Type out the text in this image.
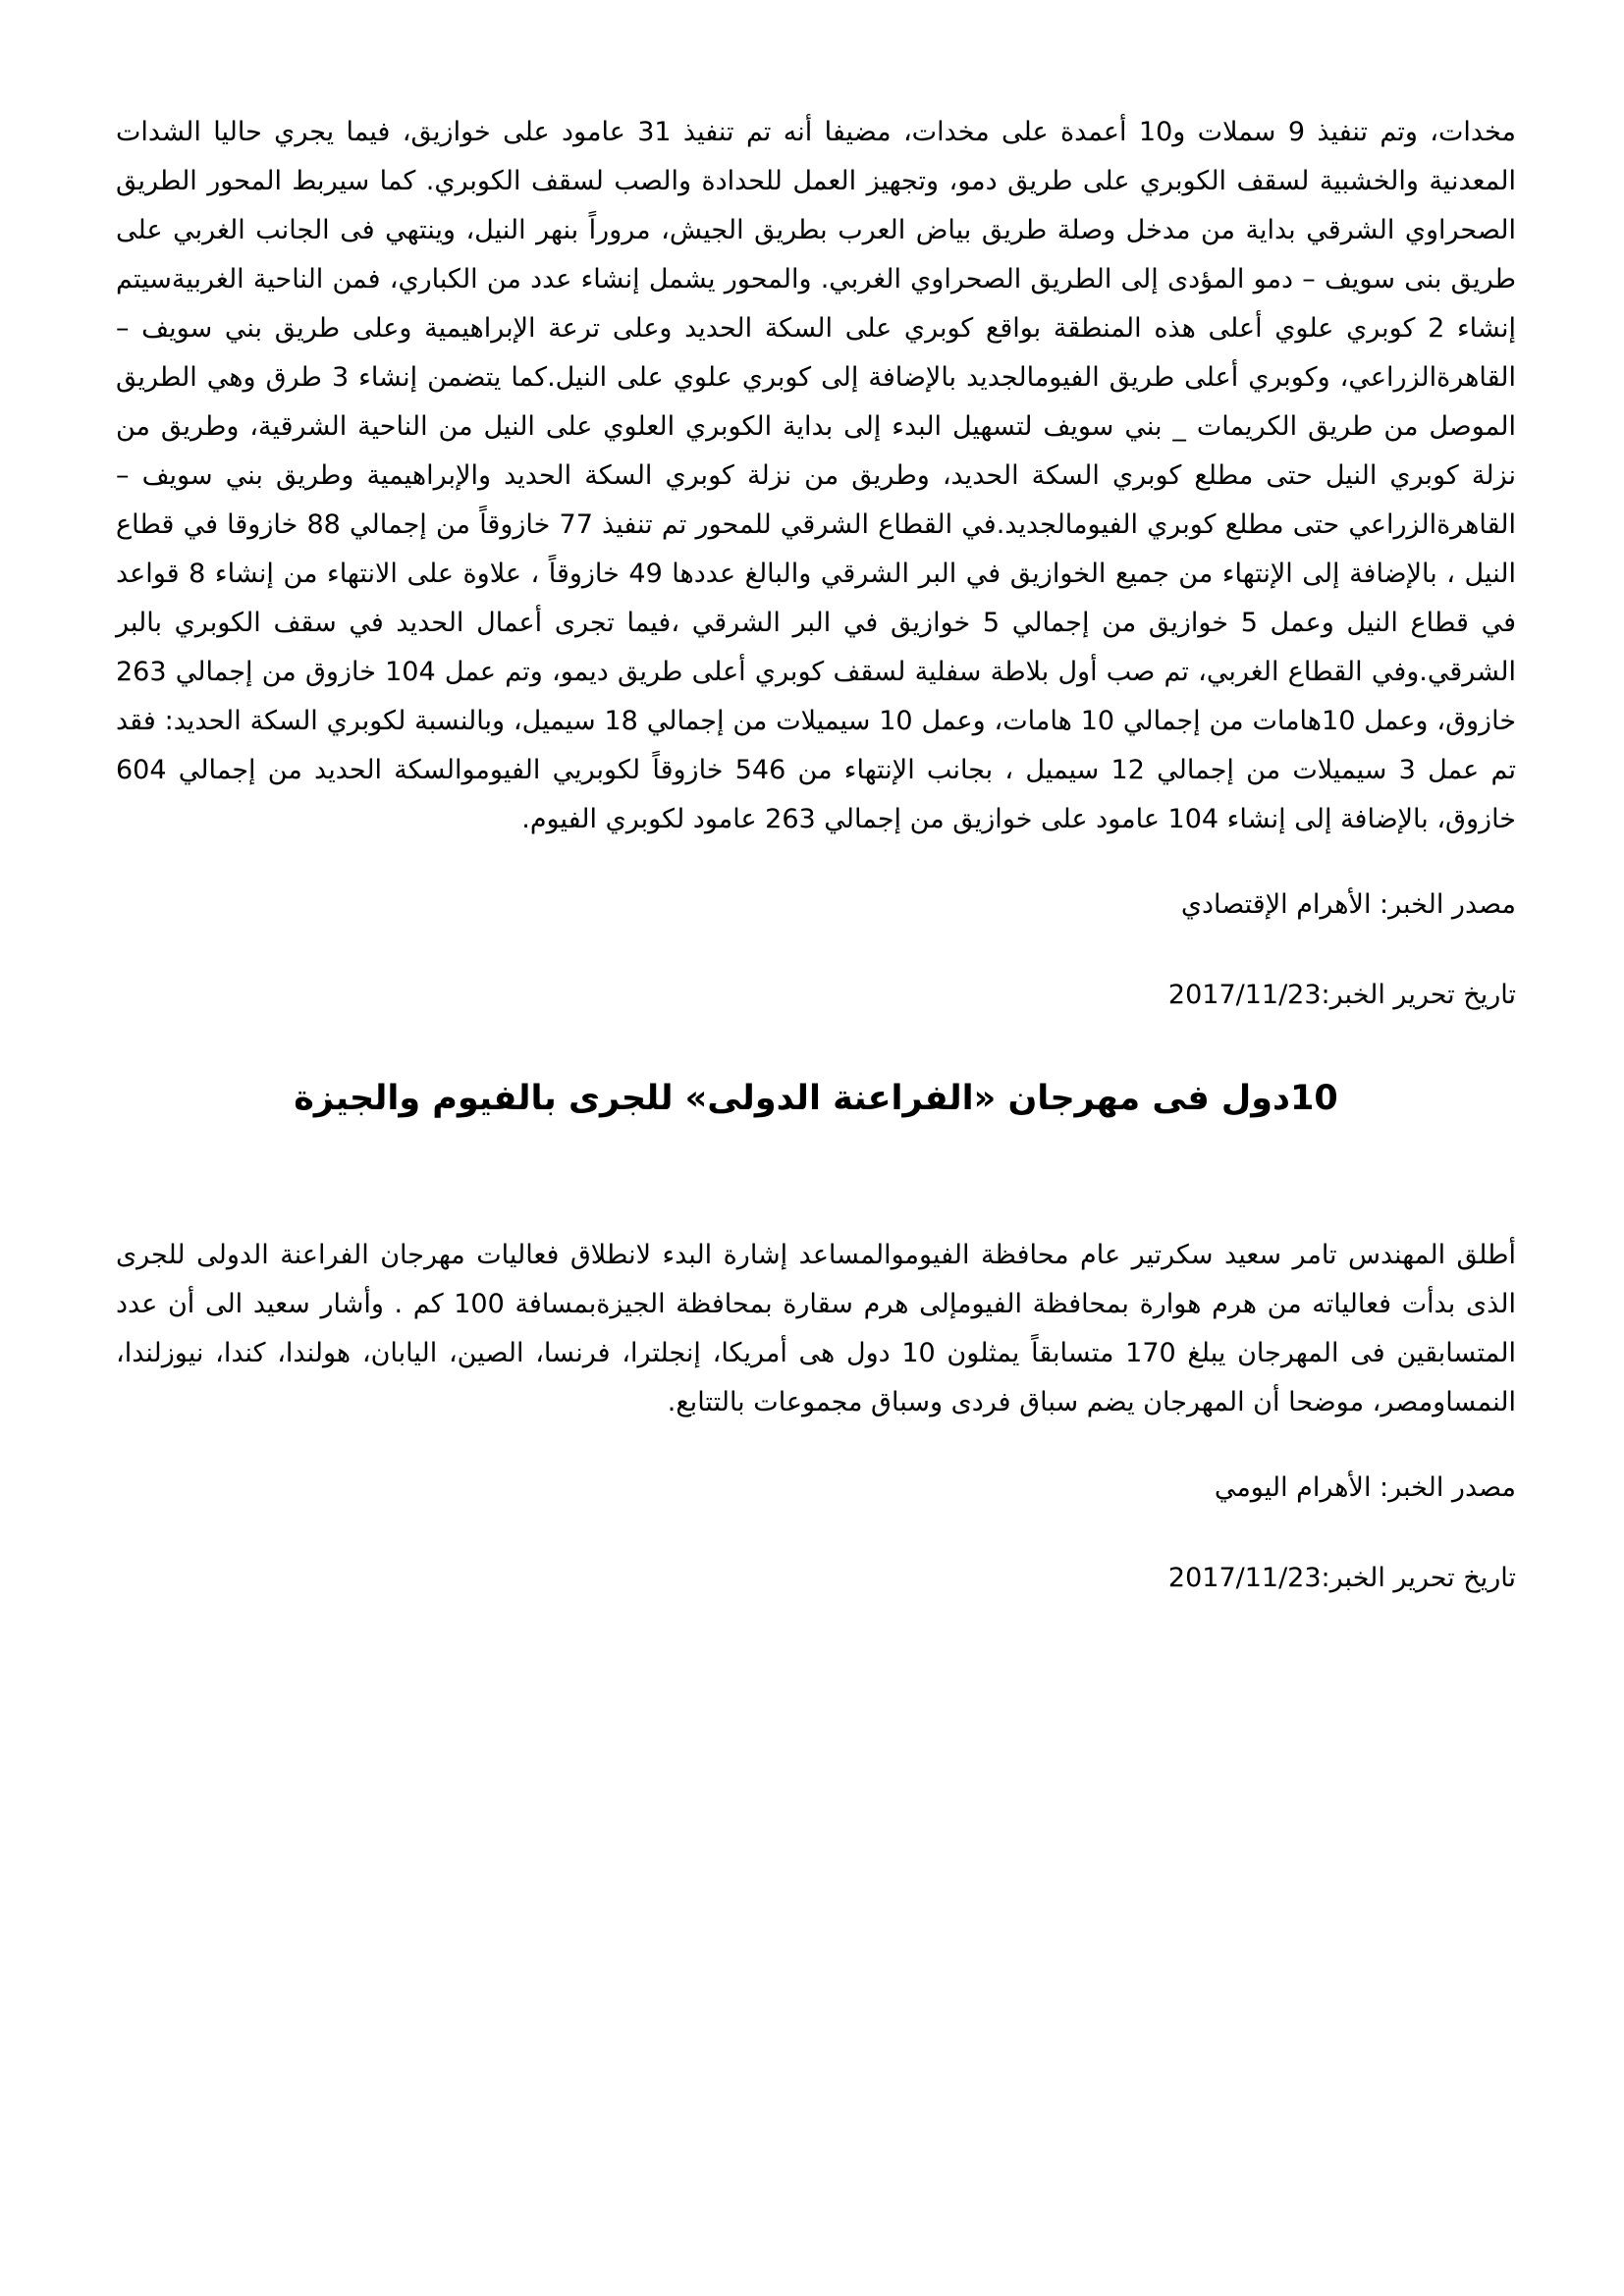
مخدات، وتم تنفيذ 9 سملات و10 أعمدة على مخدات، مضيفا أنه تم تنفيذ 31 عامود على خوازيق، فيما يجري حاليا الشدات المعدنية والخشبية لسقف الكوبري على طريق دمو، وتجهيز العمل للحدادة والصب لسقف الكوبري. كما سيربط المحور الطريق الصحراوي الشرقي بداية من مدخل وصلة طريق بياض العرب بطريق الجيش، مروراً بنهر النيل، وينتهي فى الجانب الغربي على طريق بنى سويف – دمو المؤدى إلى الطريق الصحراوي الغربي. والمحور يشمل إنشاء عدد من الكباري، فمن الناحية الغربيةسيتم إنشاء 2 كوبري علوي أعلى هذه المنطقة بواقع كوبري على السكة الحديد وعلى ترعة الإبراهيمية وعلى طريق بني سويف – القاهرةالزراعي، وكوبري أعلى طريق الفيومالجديد بالإضافة إلى كوبري علوي على النيل.كما يتضمن إنشاء 3 طرق وهي الطريق الموصل من طريق الكريمات _ بني سويف لتسهيل البدء إلى بداية الكوبري العلوي على النيل من الناحية الشرقية، وطريق من نزلة كوبري النيل حتى مطلع كوبري السكة الحديد، وطريق من نزلة كوبري السكة الحديد والإبراهيمية وطريق بني سويف – القاهرةالزراعي حتى مطلع كوبري الفيومالجديد.في القطاع الشرقي للمحور تم تنفيذ 77 خازوقاً من إجمالي 88 خازوقا في قطاع النيل ، بالإضافة إلى الإنتهاء من جميع الخوازيق في البر الشرقي والبالغ عددها 49 خازوقاً ، علاوة على الانتهاء من إنشاء 8 قواعد في قطاع النيل وعمل 5 خوازيق من إجمالي 5 خوازيق في البر الشرقي ،فيما تجرى أعمال الحديد في سقف الكوبري بالبر الشرقي.وفي القطاع الغربي، تم صب أول بلاطة سفلية لسقف كوبري أعلى طريق ديمو، وتم عمل 104 خازوق من إجمالي 263 خازوق، وعمل 10هامات من إجمالي 10 هامات، وعمل 10 سيميلات من إجمالي 18 سيميل، وبالنسبة لكوبري السكة الحديد: فقد تم عمل 3 سيميلات من إجمالي 12 سيميل ، بجانب الإنتهاء من 546 خازوقاً لكوبريي الفيوموالسكة الحديد من إجمالي 604 خازوق، بالإضافة إلى إنشاء 104 عامود على خوازيق من إجمالي 263 عامود لكوبري الفيوم.

مصدر الخبر: الأهرام الإقتصادي

تاريخ تحرير الخبر:2017/11/23

10دول فى مهرجان «الفراعنة الدولى» للجرى بالفيوم والجيزة

أطلق المهندس تامر سعيد سكرتير عام محافظة الفيوموالمساعد إشارة البدء لانطلاق فعاليات مهرجان الفراعنة الدولى للجرى الذى بدأت فعالياته من هرم هوارة بمحافظة الفيومإلى هرم سقارة بمحافظة الجيزةبمسافة 100 كم . وأشار سعيد الى أن عدد المتسابقين فى المهرجان يبلغ 170 متسابقاً يمثلون 10 دول هى أمريكا، إنجلترا، فرنسا، الصين، اليابان، هولندا، كندا، نيوزلندا، النمساومصر، موضحا أن المهرجان يضم سباق فردى وسباق مجموعات بالتتابع.

مصدر الخبر: الأهرام اليومي

تاريخ تحرير الخبر:2017/11/23
